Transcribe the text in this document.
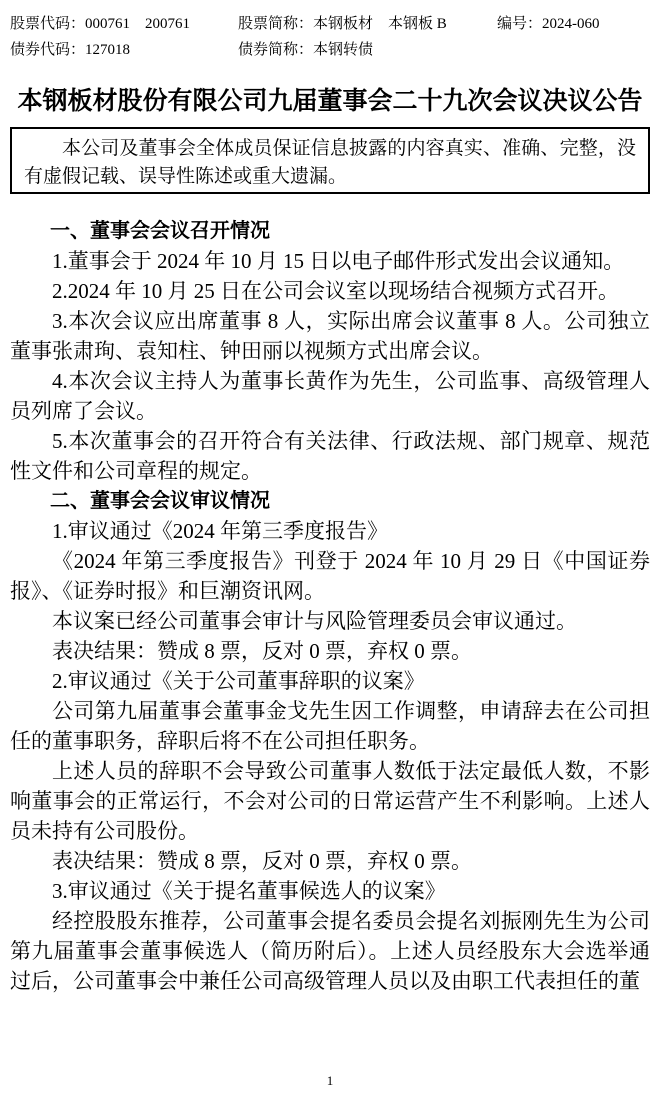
股票代码：000761　200761	股票简称：本钢板材　本钢板 B	编号：2024-060
债券代码：127018	债券简称：本钢转债
本钢板材股份有限公司九届董事会二十九次会议决议公告

本公司及董事会全体成员保证信息披露的内容真实、准确、完整，没有虚假记载、误导性陈述或重大遗漏。

一、董事会会议召开情况

1.董事会于 2024 年 10 月 15 日以电子邮件形式发出会议通知。

2.2024 年 10 月 25 日在公司会议室以现场结合视频方式召开。

3.本次会议应出席董事 8 人，实际出席会议董事 8 人。公司独立董事张肃珣、袁知柱、钟田丽以视频方式出席会议。

4.本次会议主持人为董事长黄作为先生，公司监事、高级管理人员列席了会议。

5.本次董事会的召开符合有关法律、行政法规、部门规章、规范性文件和公司章程的规定。

二、董事会会议审议情况

1.审议通过《2024 年第三季度报告》

《2024 年第三季度报告》刊登于 2024 年 10 月 29 日《中国证券报》、《证券时报》和巨潮资讯网。

本议案已经公司董事会审计与风险管理委员会审议通过。

表决结果：赞成 8 票，反对 0 票，弃权 0 票。

2.审议通过《关于公司董事辞职的议案》

公司第九届董事会董事金戈先生因工作调整，申请辞去在公司担任的董事职务，辞职后将不在公司担任职务。

上述人员的辞职不会导致公司董事人数低于法定最低人数，不影响董事会的正常运行，不会对公司的日常运营产生不利影响。上述人员未持有公司股份。

表决结果：赞成 8 票，反对 0 票，弃权 0 票。

3.审议通过《关于提名董事候选人的议案》

经控股股东推荐，公司董事会提名委员会提名刘振刚先生为公司第九届董事会董事候选人（简历附后）。上述人员经股东大会选举通过后，公司董事会中兼任公司高级管理人员以及由职工代表担任的董

1
